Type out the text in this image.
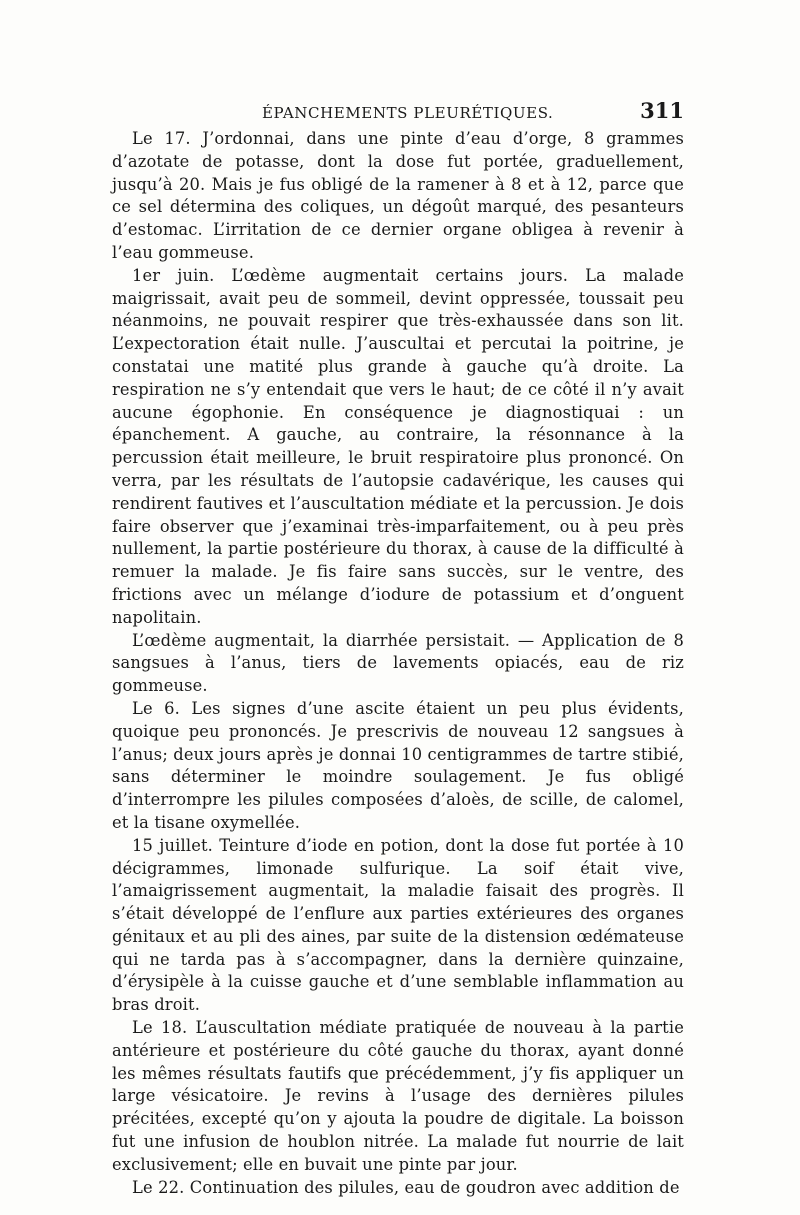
ÉPANCHEMENTS PLEURÉTIQUES.	311

Le 17. J’ordonnai, dans une pinte d’eau d’orge, 8 grammes d’azotate de potasse, dont la dose fut portée, graduellement, jusqu’à 20. Mais je fus obligé de la ramener à 8 et à 12, parce que ce sel détermina des coliques, un dégoût marqué, des pesanteurs d’estomac. L’irritation de ce dernier organe obligea à revenir à l’eau gommeuse.

1er juin. L’œdème augmentait certains jours. La malade maigrissait, avait peu de sommeil, devint oppressée, toussait peu néanmoins, ne pouvait respirer que très-exhaussée dans son lit. L’expectoration était nulle. J’auscultai et percutai la poitrine, je constatai une matité plus grande à gauche qu’à droite. La respiration ne s’y entendait que vers le haut; de ce côté il n’y avait aucune égophonie. En conséquence je diagnostiquai : un épanchement. A gauche, au contraire, la résonnance à la percussion était meilleure, le bruit respiratoire plus prononcé. On verra, par les résultats de l’autopsie cadavérique, les causes qui rendirent fautives et l’auscultation médiate et la percussion. Je dois faire observer que j’examinai très-imparfaitement, ou à peu près nullement, la partie postérieure du thorax, à cause de la difficulté à remuer la malade. Je fis faire sans succès, sur le ventre, des frictions avec un mélange d’iodure de potassium et d’onguent napolitain.

L’œdème augmentait, la diarrhée persistait. — Application de 8 sangsues à l’anus, tiers de lavements opiacés, eau de riz gommeuse.

Le 6. Les signes d’une ascite étaient un peu plus évidents, quoique peu prononcés. Je prescrivis de nouveau 12 sangsues à l’anus; deux jours après je donnai 10 centigrammes de tartre stibié, sans déterminer le moindre soulagement. Je fus obligé d’interrompre les pilules composées d’aloès, de scille, de calomel, et la tisane oxymellée.

15 juillet. Teinture d’iode en potion, dont la dose fut portée à 10 décigrammes, limonade sulfurique. La soif était vive, l’amaigrissement augmentait, la maladie faisait des progrès. Il s’était développé de l’enflure aux parties extérieures des organes génitaux et au pli des aines, par suite de la distension œdémateuse qui ne tarda pas à s’accompagner, dans la dernière quinzaine, d’érysipèle à la cuisse gauche et d’une semblable inflammation au bras droit.

Le 18. L’auscultation médiate pratiquée de nouveau à la partie antérieure et postérieure du côté gauche du thorax, ayant donné les mêmes résultats fautifs que précédemment, j’y fis appliquer un large vésicatoire. Je revins à l’usage des dernières pilules précitées, excepté qu’on y ajouta la poudre de digitale. La boisson fut une infusion de houblon nitrée. La malade fut nourrie de lait exclusivement; elle en buvait une pinte par jour.

Le 22. Continuation des pilules, eau de goudron avec addition de
